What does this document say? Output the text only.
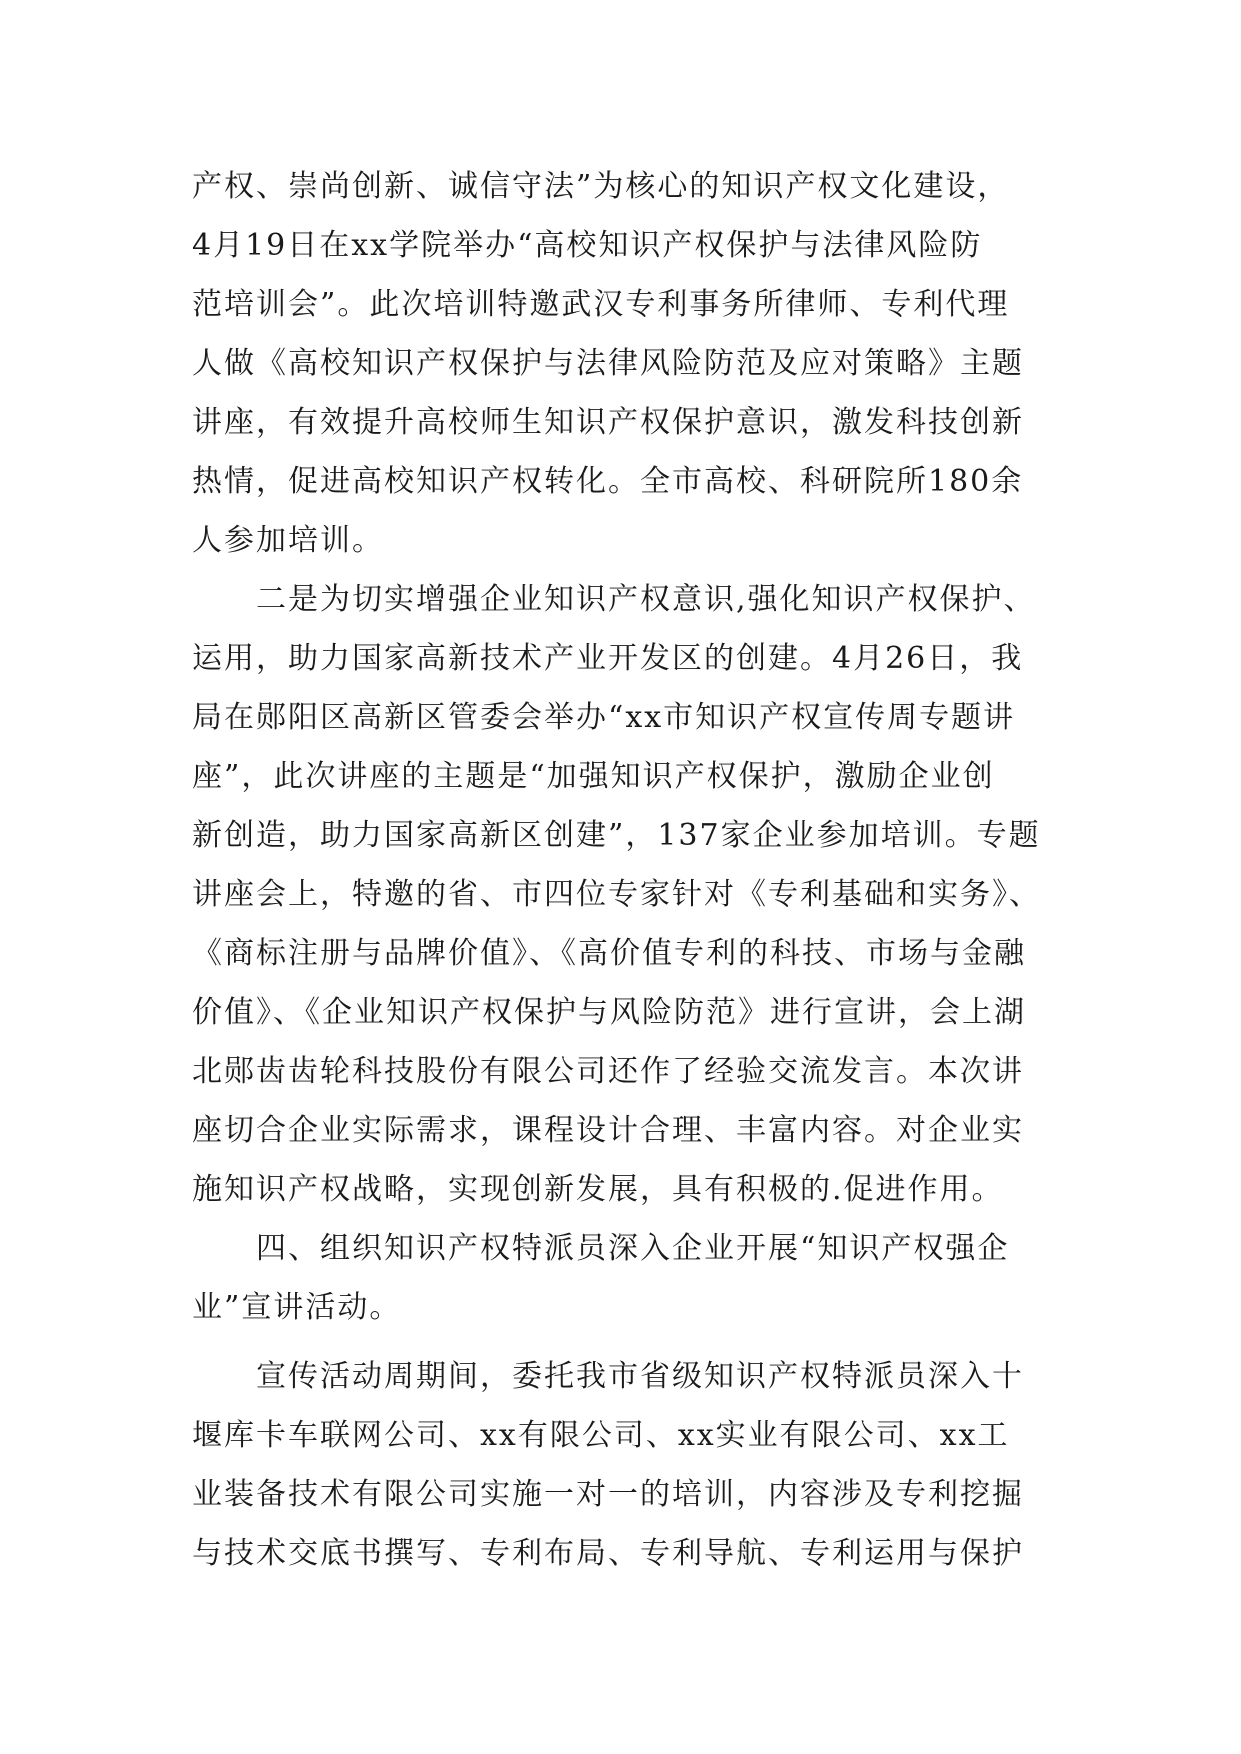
产权、崇尚创新、诚信守法”为核心的知识产权文化建设，
4月19日在xx学院举办“高校知识产权保护与法律风险防
范培训会”。此次培训特邀武汉专利事务所律师、专利代理
人做《高校知识产权保护与法律风险防范及应对策略》主题
讲座，有效提升高校师生知识产权保护意识，激发科技创新
热情，促进高校知识产权转化。全市高校、科研院所180余
人参加培训。
二是为切实增强企业知识产权意识,强化知识产权保护、
运用，助力国家高新技术产业开发区的创建。4月26日，我
局在郧阳区高新区管委会举办“xx市知识产权宣传周专题讲
座”，此次讲座的主题是“加强知识产权保护，激励企业创
新创造，助力国家高新区创建”，137家企业参加培训。专题
讲座会上，特邀的省、市四位专家针对《专利基础和实务》、
《商标注册与品牌价值》、《高价值专利的科技、市场与金融
价值》、《企业知识产权保护与风险防范》进行宣讲，会上湖
北郧齿齿轮科技股份有限公司还作了经验交流发言。本次讲
座切合企业实际需求，课程设计合理、丰富内容。对企业实
施知识产权战略，实现创新发展，具有积极的.促进作用。
四、组织知识产权特派员深入企业开展“知识产权强企
业”宣讲活动。
宣传活动周期间，委托我市省级知识产权特派员深入十
堰库卡车联网公司、xx有限公司、xx实业有限公司、xx工
业装备技术有限公司实施一对一的培训，内容涉及专利挖掘
与技术交底书撰写、专利布局、专利导航、专利运用与保护
